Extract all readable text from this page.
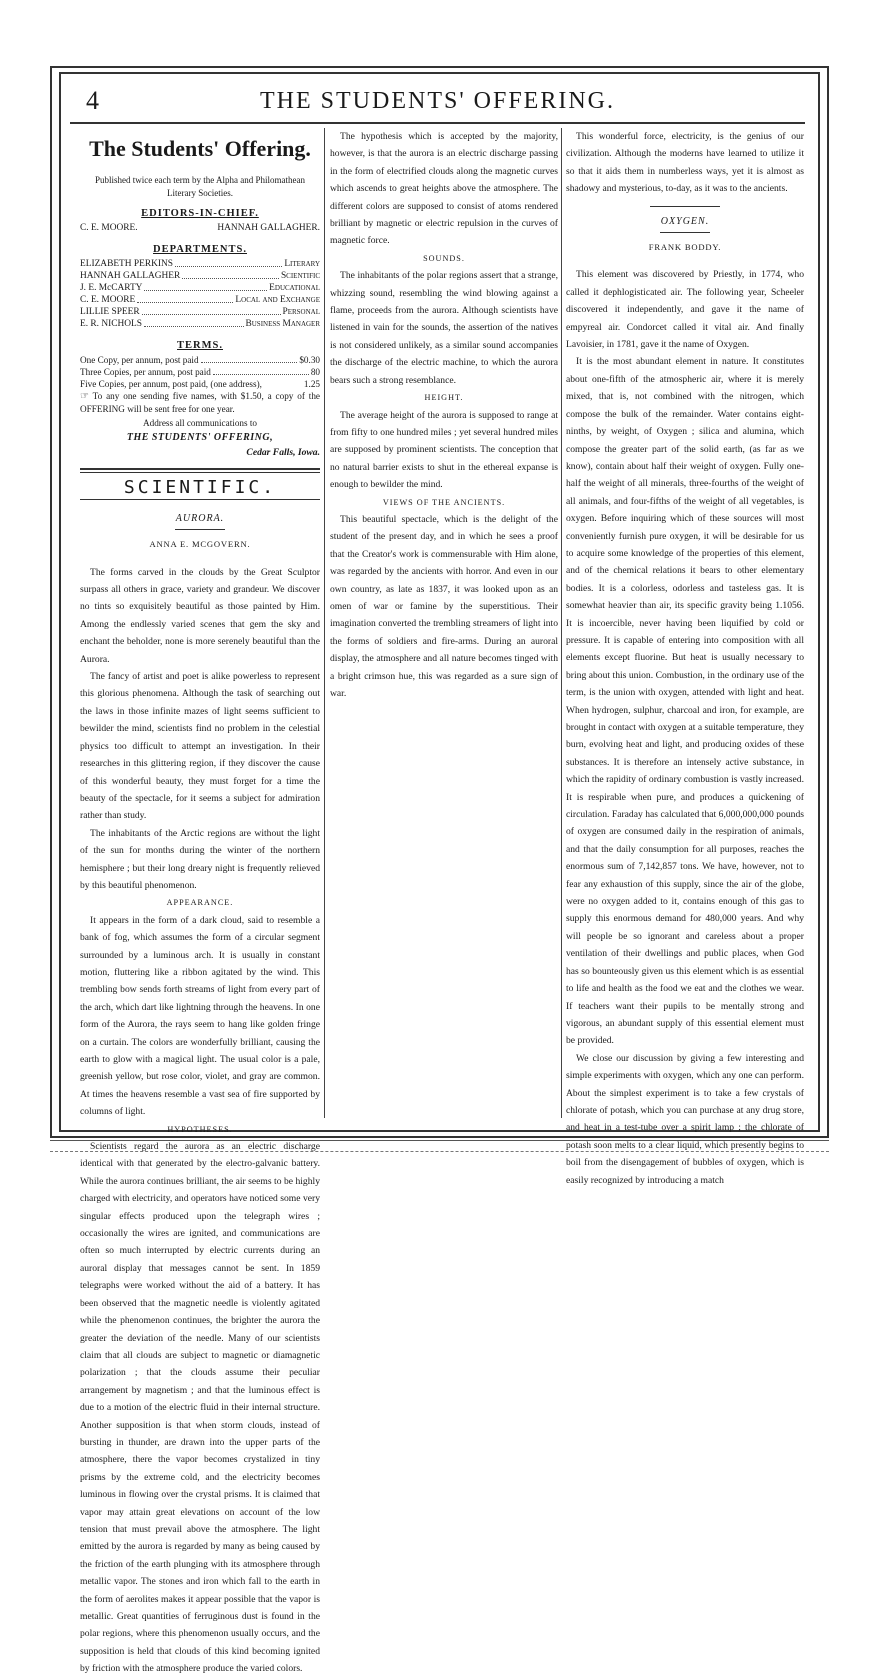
4	THE STUDENTS' OFFERING.
The Students' Offering.
Published twice each term by the Alpha and Philomathean Literary Societies.
EDITORS-IN-CHIEF.
C. E. MOORE.	HANNAH GALLAGHER.
DEPARTMENTS.
ELIZABETH PERKINS	Literary
HANNAH GALLAGHER	Scientific
J. E. McCARTY	Educational
C. E. MOORE	Local and Exchange
LILLIE SPEER	Personal
E. R. NICHOLS	Business Manager
TERMS.
One Copy, per annum, post paid	$0.30
Three Copies, per annum, post paid	80
Five Copies, per annum, post paid, (one address),	1.25
☞ To any one sending five names, with $1.50, a copy of the OFFERING will be sent free for one year.
Address all communications to
THE STUDENTS' OFFERING,
Cedar Falls, Iowa.
SCIENTIFIC.
AURORA.
ANNA E. MCGOVERN.

The forms carved in the clouds by the Great Sculptor surpass all others in grace, variety and grandeur. We discover no tints so exquisitely beautiful as those painted by Him. Among the endlessly varied scenes that gem the sky and enchant the beholder, none is more serenely beautiful than the Aurora.

The fancy of artist and poet is alike powerless to represent this glorious phenomena. Although the task of searching out the laws in those infinite mazes of light seems sufficient to bewilder the mind, scientists find no problem in the celestial physics too difficult to attempt an investigation. In their researches in this glittering region, if they discover the cause of this wonderful beauty, they must forget for a time the beauty of the spectacle, for it seems a subject for admiration rather than study.

The inhabitants of the Arctic regions are without the light of the sun for months during the winter of the northern hemisphere ; but their long dreary night is frequently relieved by this beautiful phenomenon.

APPEARANCE.

It appears in the form of a dark cloud, said to resemble a bank of fog, which assumes the form of a circular segment surrounded by a luminous arch. It is usually in constant motion, fluttering like a ribbon agitated by the wind. This trembling bow sends forth streams of light from every part of the arch, which dart like lightning through the heavens. In one form of the Aurora, the rays seem to hang like golden fringe on a curtain. The colors are wonderfully brilliant, causing the earth to glow with a magical light. The usual color is a pale, greenish yellow, but rose color, violet, and gray are common. At times the heavens resemble a vast sea of fire supported by columns of light.

HYPOTHESES.

Scientists regard the aurora as an electric discharge identical with that generated by the electro-galvanic battery. While the aurora continues brilliant, the air seems to be highly charged with electricity, and operators have noticed some very singular effects produced upon the telegraph wires ; occasionally the wires are ignited, and communications are often so much interrupted by electric currents during an auroral display that messages cannot be sent. In 1859 telegraphs were worked without the aid of a battery. It has been observed that the magnetic needle is violently agitated while the phenomenon continues, the brighter the aurora the greater the deviation of the needle. Many of our scientists claim that all clouds are subject to magnetic or diamagnetic polarization ; that the clouds assume their peculiar arrangement by magnetism ; and that the luminous effect is due to a motion of the electric fluid in their internal structure. Another supposition is that when storm clouds, instead of bursting in thunder, are drawn into the upper parts of the atmosphere, there the vapor becomes crystalized in tiny prisms by the extreme cold, and the electricity becomes luminous in flowing over the crystal prisms. It is claimed that vapor may attain great elevations on account of the low tension that must prevail above the atmosphere. The light emitted by the aurora is regarded by many as being caused by the friction of the earth plunging with its atmosphere through metallic vapor. The stones and iron which fall to the earth in the form of aerolites makes it appear possible that the vapor is metallic. Great quantities of ferruginous dust is found in the polar regions, where this phenomenon usually occurs, and the supposition is held that clouds of this kind becoming ignited by friction with the atmosphere produce the varied colors.

The hypothesis which is accepted by the majority, however, is that the aurora is an electric discharge passing in the form of electrified clouds along the magnetic curves which ascends to great heights above the atmosphere. The different colors are supposed to consist of atoms rendered brilliant by magnetic or electric repulsion in the curves of magnetic force.

SOUNDS.

The inhabitants of the polar regions assert that a strange, whizzing sound, resembling the wind blowing against a flame, proceeds from the aurora. Although scientists have listened in vain for the sounds, the assertion of the natives is not considered unlikely, as a similar sound accompanies the discharge of the electric machine, to which the aurora bears such a strong resemblance.

HEIGHT.

The average height of the aurora is supposed to range at from fifty to one hundred miles ; yet several hundred miles are supposed by prominent scientists. The conception that no natural barrier exists to shut in the ethereal expanse is enough to bewilder the mind.

VIEWS OF THE ANCIENTS.

This beautiful spectacle, which is the delight of the student of the present day, and in which he sees a proof that the Creator's work is commensurable with Him alone, was regarded by the ancients with horror. And even in our own country, as late as 1837, it was looked upon as an omen of war or famine by the superstitious. Their imagination converted the trembling streamers of light into the forms of soldiers and fire-arms. During an auroral display, the atmosphere and all nature becomes tinged with a bright crimson hue, this was regarded as a sure sign of war.

This wonderful force, electricity, is the genius of our civilization. Although the moderns have learned to utilize it so that it aids them in numberless ways, yet it is almost as shadowy and mysterious, to-day, as it was to the ancients.

OXYGEN.
FRANK BODDY.

This element was discovered by Priestly, in 1774, who called it dephlogisticated air. The following year, Scheeler discovered it independently, and gave it the name of empyreal air. Condorcet called it vital air. And finally Lavoisier, in 1781, gave it the name of Oxygen.

It is the most abundant element in nature. It constitutes about one-fifth of the atmospheric air, where it is merely mixed, that is, not combined with the nitrogen, which compose the bulk of the remainder. Water contains eight-ninths, by weight, of Oxygen ; silica and alumina, which compose the greater part of the solid earth, (as far as we know), contain about half their weight of oxygen. Fully one-half the weight of all minerals, three-fourths of the weight of all animals, and four-fifths of the weight of all vegetables, is oxygen. Before inquiring which of these sources will most conveniently furnish pure oxygen, it will be desirable for us to acquire some knowledge of the properties of this element, and of the chemical relations it bears to other elementary bodies. It is a colorless, odorless and tasteless gas. It is somewhat heavier than air, its specific gravity being 1.1056. It is incoercible, never having been liquified by cold or pressure. It is capable of entering into composition with all elements except fluorine. But heat is usually necessary to bring about this union. Combustion, in the ordinary use of the term, is the union with oxygen, attended with light and heat. When hydrogen, sulphur, charcoal and iron, for example, are brought in contact with oxygen at a suitable temperature, they burn, evolving heat and light, and producing oxides of these substances. It is therefore an intensely active substance, in which the rapidity of ordinary combustion is vastly increased. It is respirable when pure, and produces a quickening of circulation. Faraday has calculated that 6,000,000,000 pounds of oxygen are consumed daily in the respiration of animals, and that the daily consumption for all purposes, reaches the enormous sum of 7,142,857 tons. We have, however, not to fear any exhaustion of this supply, since the air of the globe, were no oxygen added to it, contains enough of this gas to supply this enormous demand for 480,000 years. And why will people be so ignorant and careless about a proper ventilation of their dwellings and public places, when God has so bounteously given us this element which is as essential to life and health as the food we eat and the clothes we wear. If teachers want their pupils to be mentally strong and vigorous, an abundant supply of this essential element must be provided.

We close our discussion by giving a few interesting and simple experiments with oxygen, which any one can perform. About the simplest experiment is to take a few crystals of chlorate of potash, which you can purchase at any drug store, and heat in a test-tube over a spirit lamp ; the chlorate of potash soon melts to a clear liquid, which presently begins to boil from the disengagement of bubbles of oxygen, which is easily recognized by introducing a match
